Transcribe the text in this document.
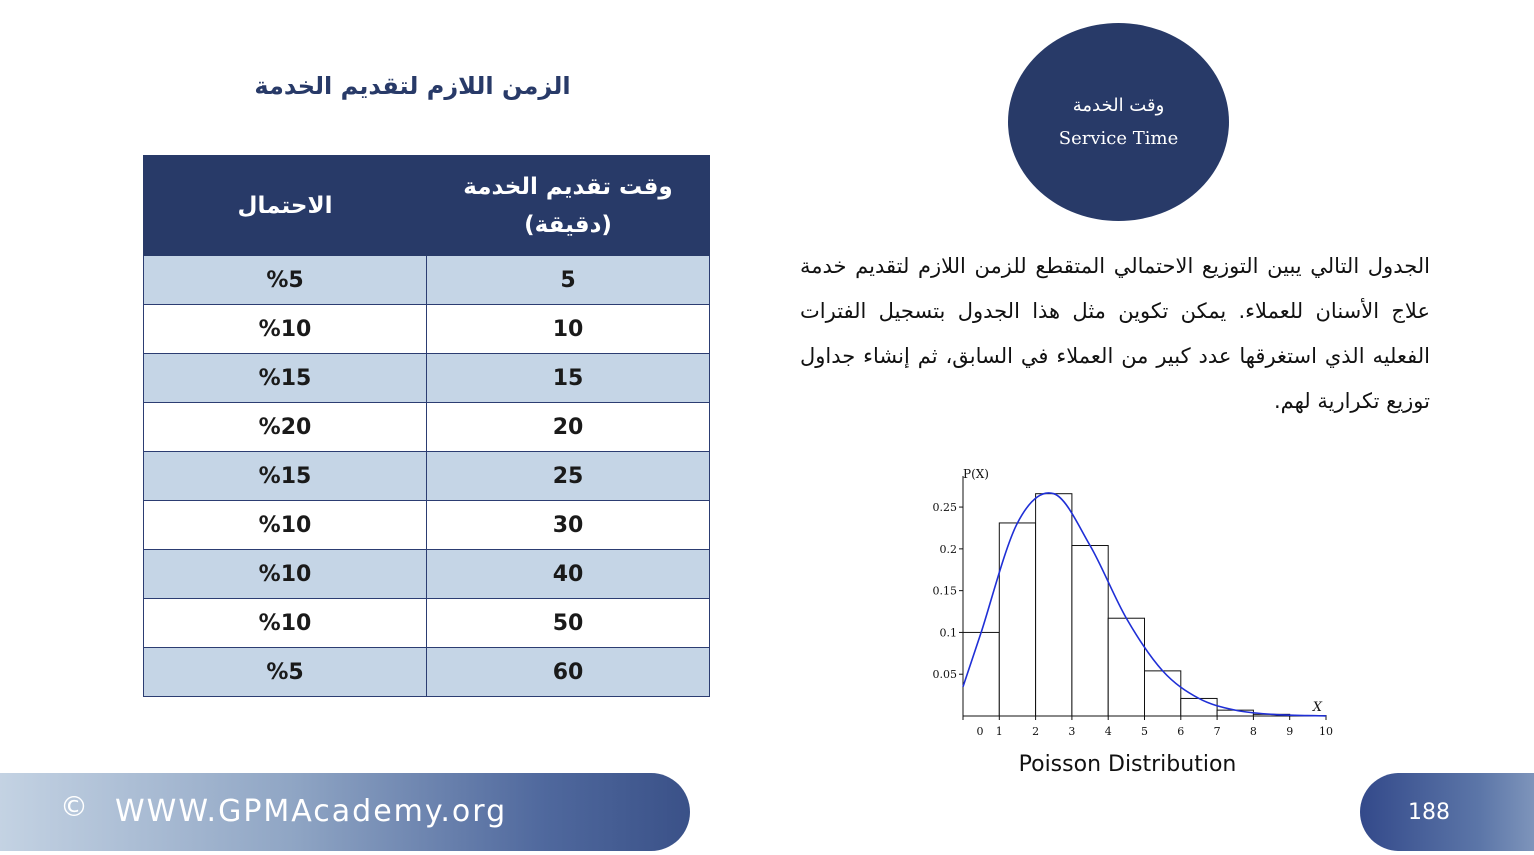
الزمن اللازم لتقديم الخدمة
وقت تقديم الخدمة (دقيقة)	الاحتمال
5	%5
10	%10
15	%15
20	%20
25	%15
30	%10
40	%10
50	%10
60	%5
وقت الخدمة
Service Time
الجدول التالي يبين التوزيع الاحتمالي المتقطع للزمن اللازم لتقديم خدمة علاج الأسنان للعملاء. يمكن تكوين مثل هذا الجدول بتسجيل الفترات الفعليه الذي استغرقها عدد كبير من العملاء في السابق، ثم إنشاء جداول توزيع تكرارية لهم.
0 1	2	3	4	5	6	7	8	9 10
0.05
0.1
0.15
0.2
0.25
P(X)
X
Poisson Distribution
© WWW.GPMAcademy.org	188
